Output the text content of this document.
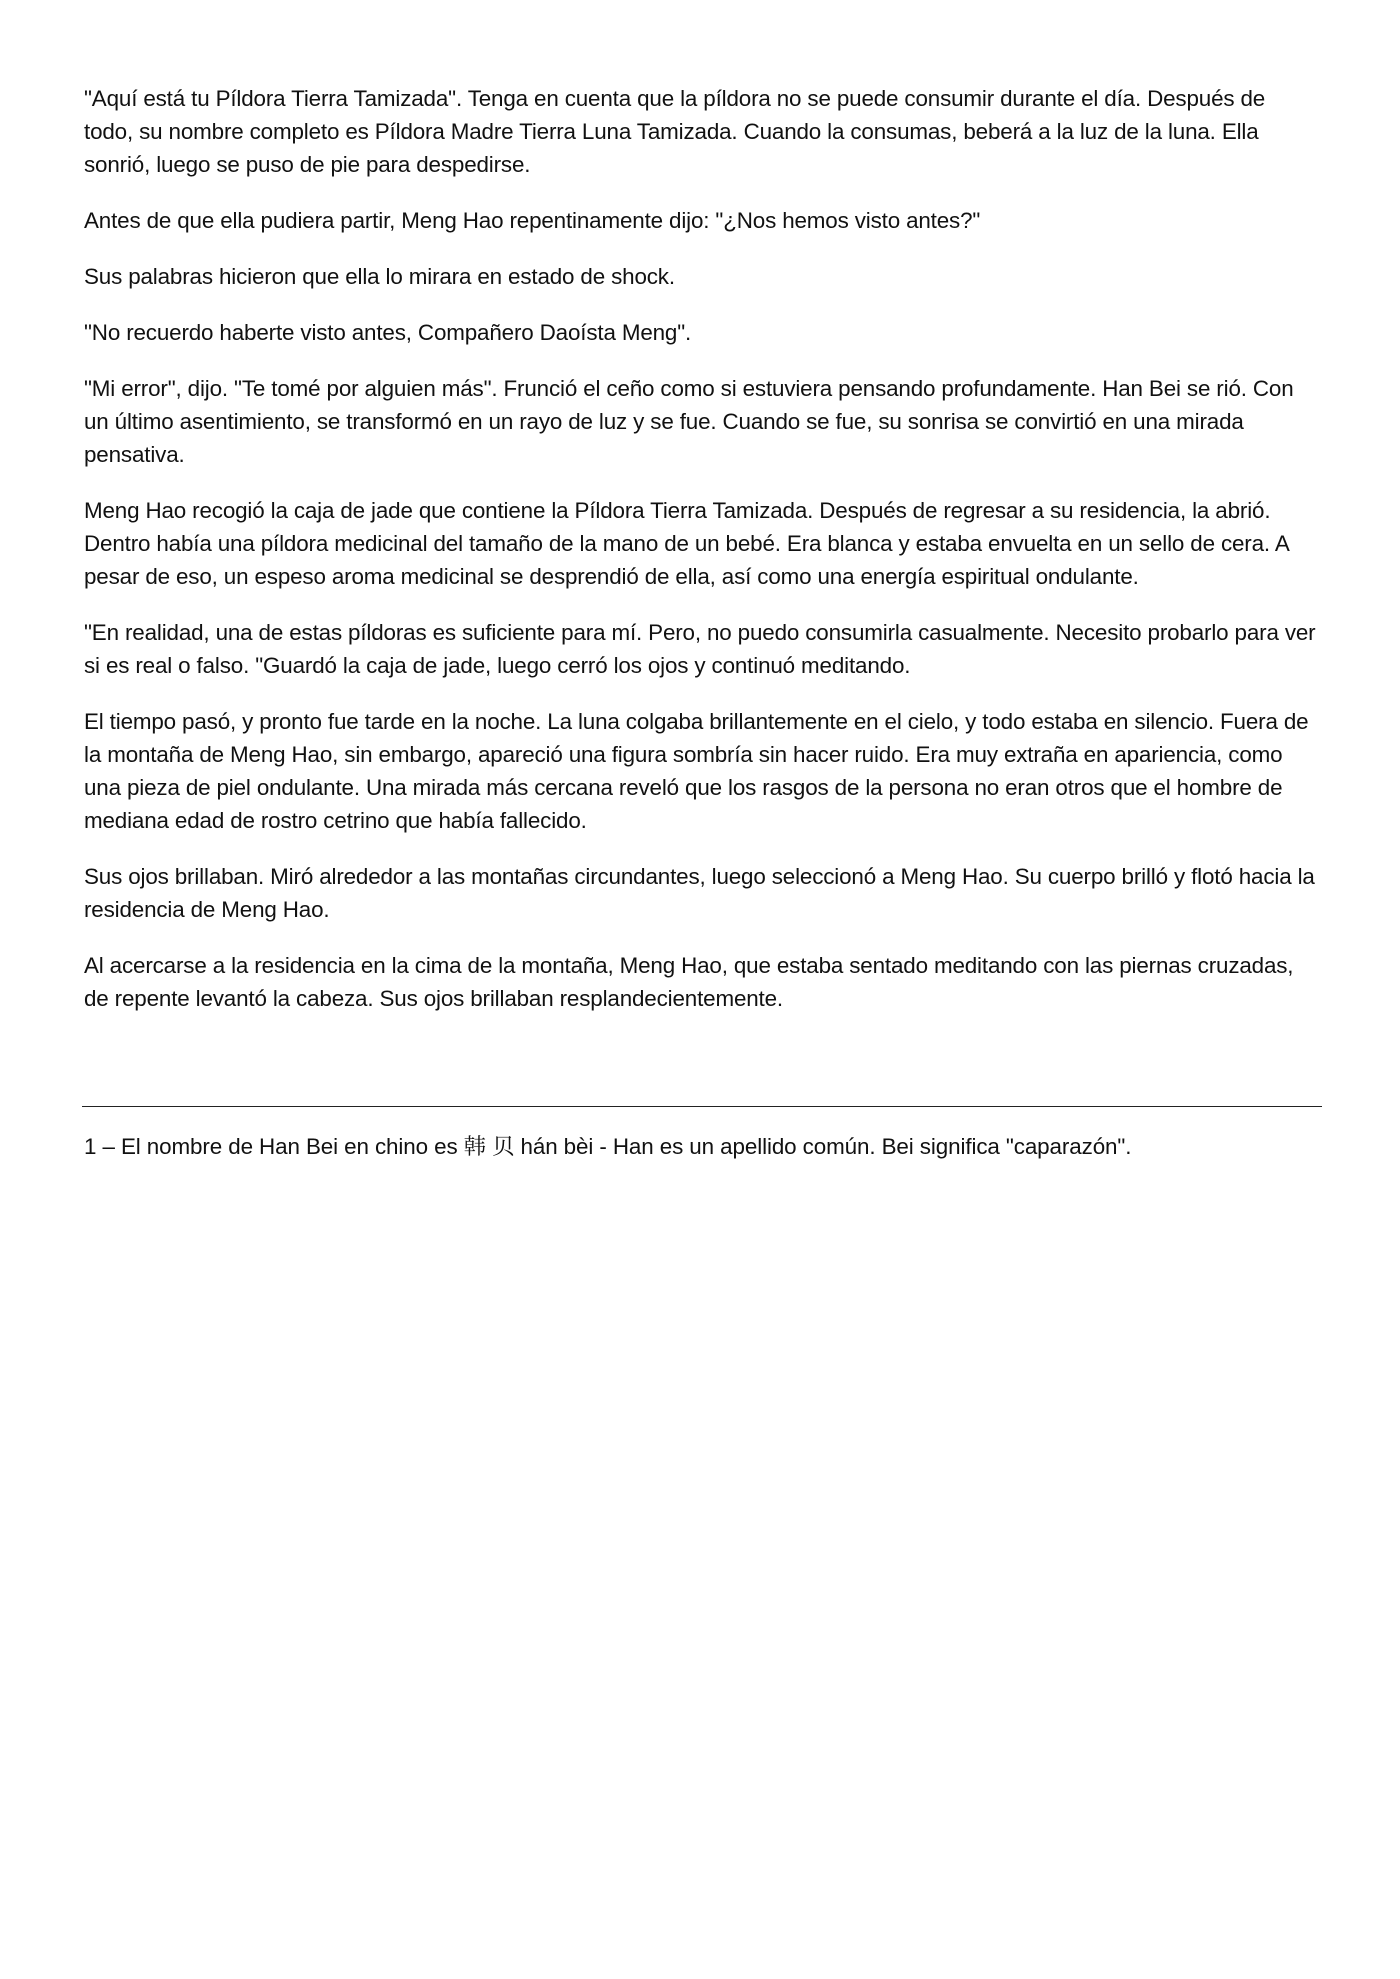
"Aquí está tu Píldora Tierra Tamizada". Tenga en cuenta que la píldora no se puede consumir durante el día. Después de todo, su nombre completo es Píldora Madre Tierra Luna Tamizada. Cuando la consumas, beberá a la luz de la luna. Ella sonrió, luego se puso de pie para despedirse.

Antes de que ella pudiera partir, Meng Hao repentinamente dijo: "¿Nos hemos visto antes?"

Sus palabras hicieron que ella lo mirara en estado de shock.

"No recuerdo haberte visto antes, Compañero Daoísta Meng".

"Mi error", dijo. "Te tomé por alguien más". Frunció el ceño como si estuviera pensando profundamente. Han Bei se rió. Con un último asentimiento, se transformó en un rayo de luz y se fue. Cuando se fue, su sonrisa se convirtió en una mirada pensativa.

Meng Hao recogió la caja de jade que contiene la Píldora Tierra Tamizada. Después de regresar a su residencia, la abrió. Dentro había una píldora medicinal del tamaño de la mano de un bebé. Era blanca y estaba envuelta en un sello de cera. A pesar de eso, un espeso aroma medicinal se desprendió de ella, así como una energía espiritual ondulante.

"En realidad, una de estas píldoras es suficiente para mí. Pero, no puedo consumirla casualmente. Necesito probarlo para ver si es real o falso. "Guardó la caja de jade, luego cerró los ojos y continuó meditando.

El tiempo pasó, y pronto fue tarde en la noche. La luna colgaba brillantemente en el cielo, y todo estaba en silencio. Fuera de la montaña de Meng Hao, sin embargo, apareció una figura sombría sin hacer ruido. Era muy extraña en apariencia, como una pieza de piel ondulante. Una mirada más cercana reveló que los rasgos de la persona no eran otros que el hombre de mediana edad de rostro cetrino que había fallecido.

Sus ojos brillaban. Miró alrededor a las montañas circundantes, luego seleccionó a Meng Hao. Su cuerpo brilló y flotó hacia la residencia de Meng Hao.

Al acercarse a la residencia en la cima de la montaña, Meng Hao, que estaba sentado meditando con las piernas cruzadas, de repente levantó la cabeza. Sus ojos brillaban resplandecientemente.

1 – El nombre de Han Bei en chino es 韩 贝 hán bèi - Han es un apellido común. Bei significa "caparazón".
